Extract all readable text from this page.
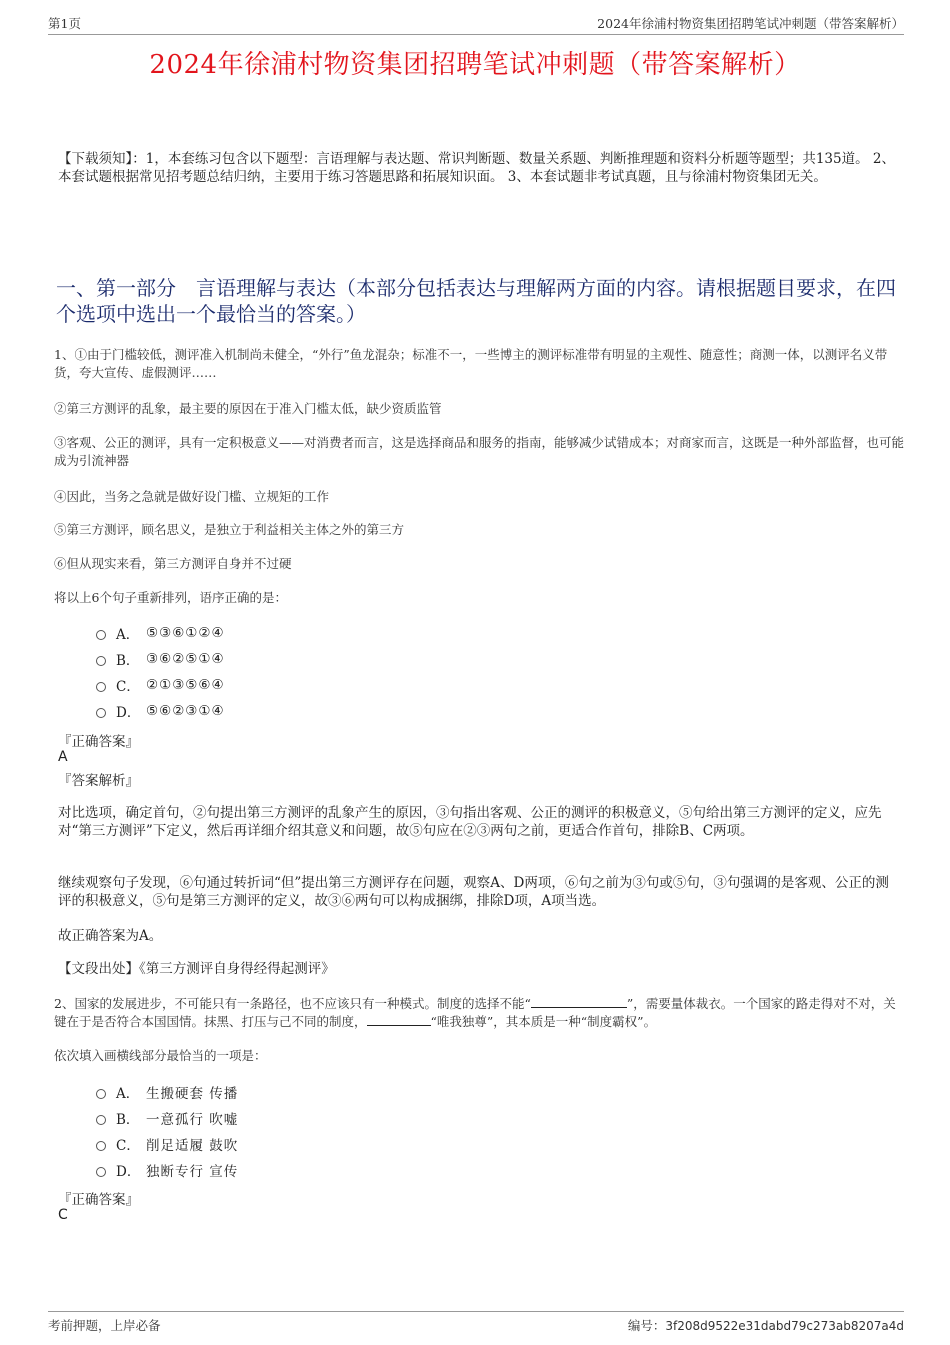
第1页	2024年徐浦村物资集团招聘笔试冲刺题（带答案解析）
2024年徐浦村物资集团招聘笔试冲刺题（带答案解析）
【下载须知】：1，本套练习包含以下题型：言语理解与表达题、常识判断题、数量关系题、判断推理题和资料分析题等题型；共135道。 2、本套试题根据常见招考题总结归纳，主要用于练习答题思路和拓展知识面。 3、本套试题非考试真题，且与徐浦村物资集团无关。
一、第一部分　言语理解与表达（本部分包括表达与理解两方面的内容。请根据题目要求，在四个选项中选出一个最恰当的答案。）
1、①由于门槛较低，测评准入机制尚未健全，“外行”鱼龙混杂；标准不一，一些博主的测评标准带有明显的主观性、随意性；商测一体，以测评名义带货，夸大宣传、虚假测评……
②第三方测评的乱象，最主要的原因在于准入门槛太低，缺少资质监管
③客观、公正的测评，具有一定积极意义——对消费者而言，这是选择商品和服务的指南，能够减少试错成本；对商家而言，这既是一种外部监督，也可能成为引流神器
④因此，当务之急就是做好设门槛、立规矩的工作
⑤第三方测评，顾名思义，是独立于利益相关主体之外的第三方
⑥但从现实来看，第三方测评自身并不过硬
将以上6个句子重新排列，语序正确的是：
A． ⑤③⑥①②④
B． ③⑥②⑤①④
C． ②①③⑤⑥④
D． ⑤⑥②③①④
『正确答案』
A
『答案解析』
对比选项，确定首句，②句提出第三方测评的乱象产生的原因，③句指出客观、公正的测评的积极意义，⑤句给出第三方测评的定义，应先对“第三方测评”下定义，然后再详细介绍其意义和问题，故⑤句应在②③两句之前，更适合作首句，排除B、C两项。
继续观察句子发现，⑥句通过转折词“但”提出第三方测评存在问题，观察A、D两项，⑥句之前为③句或⑤句，③句强调的是客观、公正的测评的积极意义，⑤句是第三方测评的定义，故③⑥两句可以构成捆绑，排除D项，A项当选。
故正确答案为A。
【文段出处】《第三方测评自身得经得起测评》
2、国家的发展进步，不可能只有一条路径，也不应该只有一种模式。制度的选择不能“	”，需要量体裁衣。一个国家的路走得对不对，关键在于是否符合本国国情。抹黑、打压与己不同的制度，	“唯我独尊”，其本质是一种“制度霸权”。
依次填入画横线部分最恰当的一项是：
A． 生搬硬套 传播
B． 一意孤行 吹嘘
C． 削足适履 鼓吹
D． 独断专行 宣传
『正确答案』
C
考前押题，上岸必备	编号：3f208d9522e31dabd79c273ab8207a4d
